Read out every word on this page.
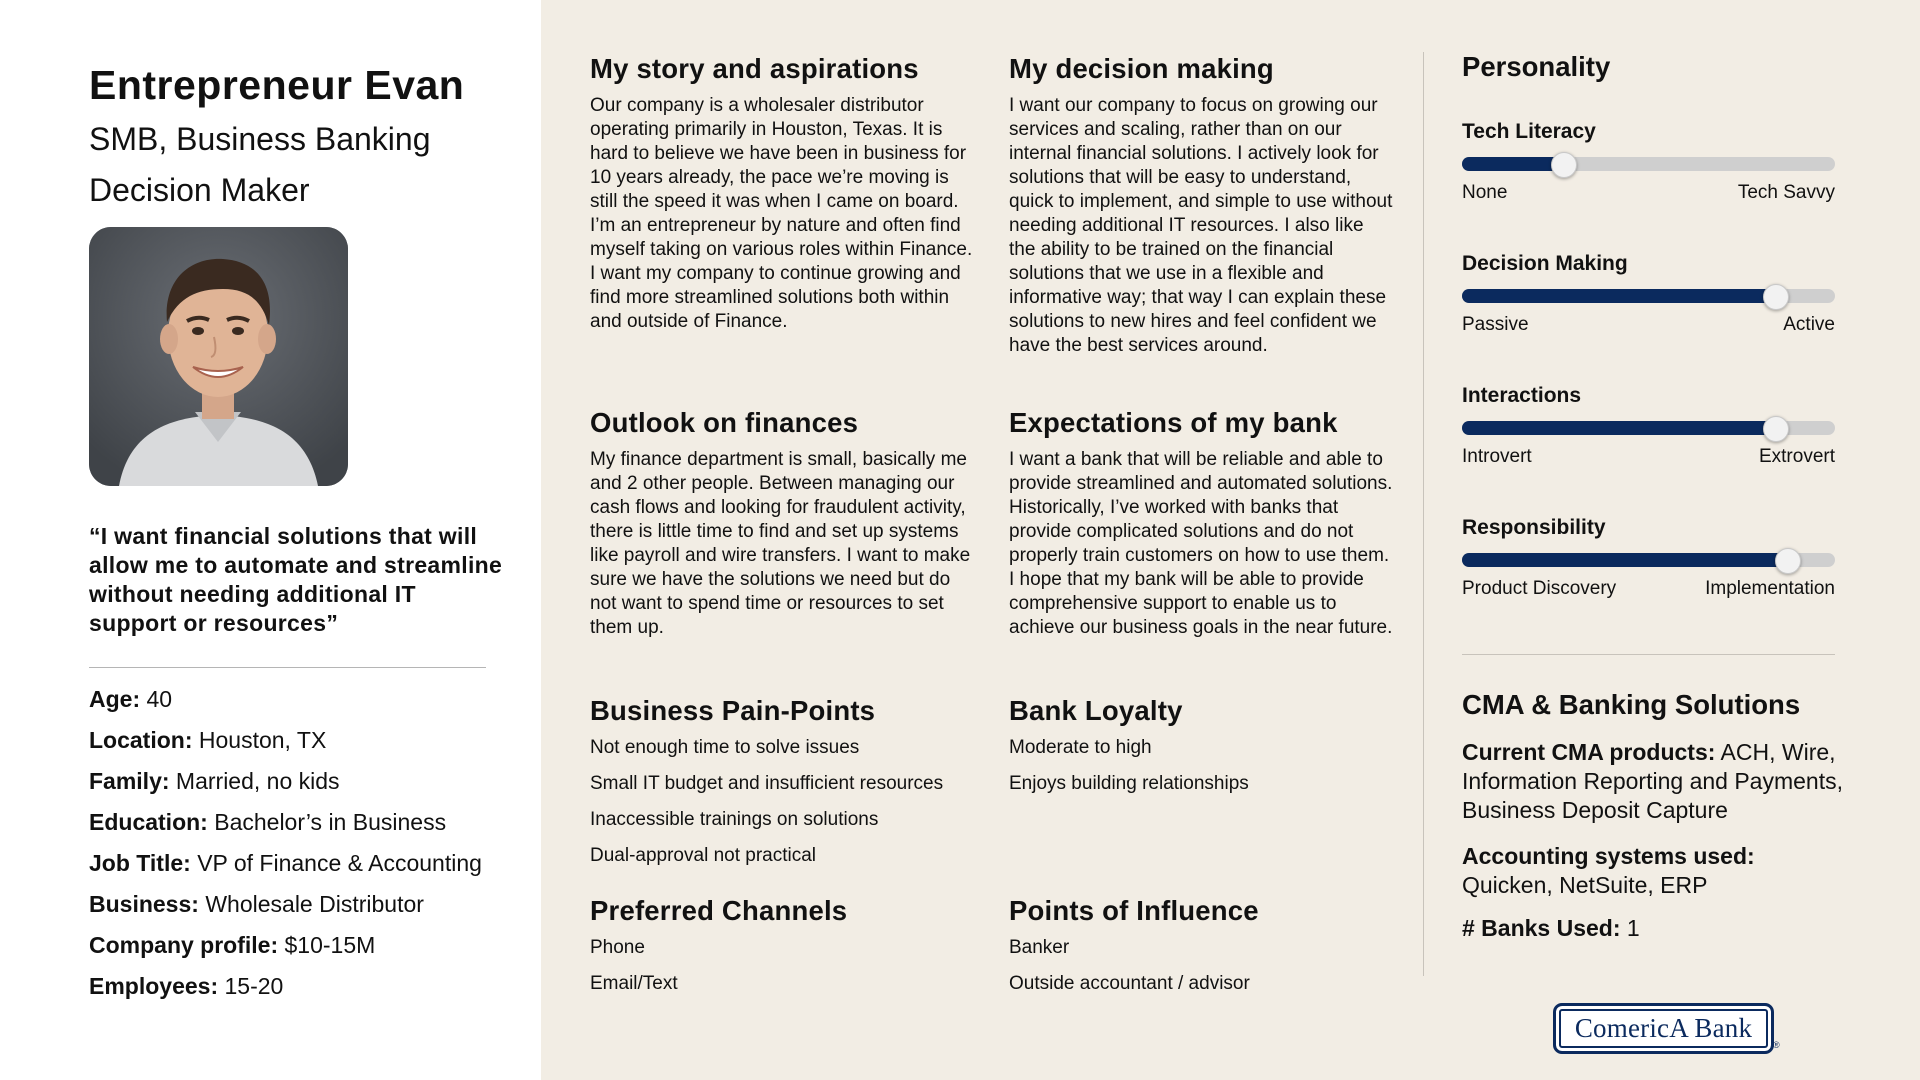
Entrepreneur Evan
SMB, Business Banking
Decision Maker
“I want financial solutions that will allow me to automate and streamline without needing additional IT support or resources”
Age: 40
Location: Houston, TX
Family: Married, no kids
Education: Bachelor’s in Business
Job Title: VP of Finance & Accounting
Business: Wholesale Distributor
Company profile: $10-15M
Employees: 15-20
My story and aspirations

Our company is a wholesaler distributor operating primarily in Houston, Texas. It is hard to believe we have been in business for 10 years already, the pace we’re moving is still the speed it was when I came on board. I’m an entrepreneur by nature and often find myself taking on various roles within Finance. I want my company to continue growing and find more streamlined solutions both within and outside of Finance.

My decision making

I want our company to focus on growing our services and scaling, rather than on our internal financial solutions. I actively look for solutions that will be easy to understand, quick to implement, and simple to use without needing additional IT resources. I also like the ability to be trained on the financial solutions that we use in a flexible and informative way; that way I can explain these solutions to new hires and feel confident we have the best services around.

Outlook on finances

My finance department is small, basically me and 2 other people. Between managing our cash flows and looking for fraudulent activity, there is little time to find and set up systems like payroll and wire transfers. I want to make sure we have the solutions we need but do not want to spend time or resources to set them up.

Expectations of my bank

I want a bank that will be reliable and able to provide streamlined and automated solutions. Historically, I’ve worked with banks that provide complicated solutions and do not properly train customers on how to use them. I hope that my bank will be able to provide comprehensive support to enable us to achieve our business goals in the near future.

Business Pain-Points
Not enough time to solve issues
Small IT budget and insufficient resources
Inaccessible trainings on solutions
Dual-approval not practical
Bank Loyalty
Moderate to high
Enjoys building relationships
Preferred Channels
Phone
Email/Text
Points of Influence
Banker
Outside accountant / advisor
Personality
Tech Literacy
None	Tech Savvy
Decision Making
Passive	Active
Interactions
Introvert	Extrovert
Responsibility
Product Discovery	Implementation
CMA & Banking Solutions
Current CMA products: ACH, Wire, Information Reporting and Payments, Business Deposit Capture
Accounting systems used:
Quicken, NetSuite, ERP
# Banks Used: 1
ComericA Bank
®
